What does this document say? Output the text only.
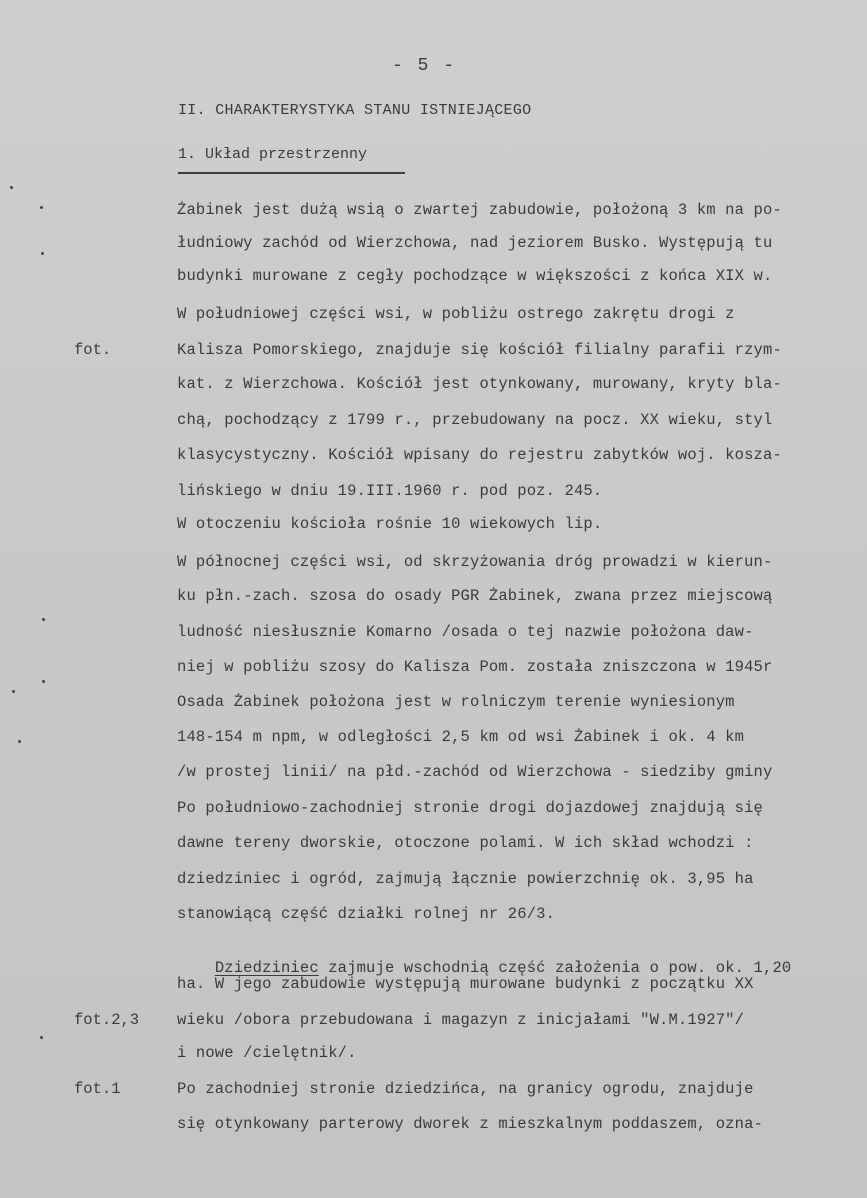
- 5 -
II. CHARAKTERYSTYKA STANU ISTNIEJĄCEGO
1. Układ przestrzenny
Żabinek jest dużą wsią o zwartej zabudowie, położoną 3 km na po-
łudniowy zachód od Wierzchowa, nad jeziorem Busko. Występują tu
budynki murowane z cegły pochodzące w większości z końca XIX w.
W południowej części wsi, w pobliżu ostrego zakrętu drogi z
Kalisza Pomorskiego, znajduje się kościół filialny parafii rzym-
kat. z Wierzchowa. Kościół jest otynkowany, murowany, kryty bla-
chą, pochodzący z 1799 r., przebudowany na pocz. XX wieku, styl
klasycystyczny. Kościół wpisany do rejestru zabytków woj. kosza-
lińskiego w dniu 19.III.1960 r. pod poz. 245.
W otoczeniu kościoła rośnie 10 wiekowych lip.
W północnej części wsi, od skrzyżowania dróg prowadzi w kierun-
ku płn.-zach. szosa do osady PGR Żabinek, zwana przez miejscową
ludność niesłusznie Komarno /osada o tej nazwie położona daw-
niej w pobliżu szosy do Kalisza Pom. została zniszczona w 1945r
Osada Żabinek położona jest w rolniczym terenie wyniesionym
148-154 m npm, w odległości 2,5 km od wsi Żabinek i ok. 4 km
/w prostej linii/ na płd.-zachód od Wierzchowa - siedziby gminy
Po południowo-zachodniej stronie drogi dojazdowej znajdują się
dawne tereny dworskie, otoczone polami. W ich skład wchodzi :
dziedziniec i ogród, zajmują łącznie powierzchnię ok. 3,95 ha
stanowiącą część działki rolnej nr 26/3.

Dziedziniec zajmuje wschodnią część założenia o pow. ok. 1,20

ha. W jego zabudowie występują murowane budynki z początku XX
wieku /obora przebudowana i magazyn z inicjałami "W.M.1927"/
i nowe /cielętnik/.
Po zachodniej stronie dziedzińca, na granicy ogrodu, znajduje
się otynkowany parterowy dworek z mieszkalnym poddaszem, ozna-
fot.
fot.2,3
fot.1
